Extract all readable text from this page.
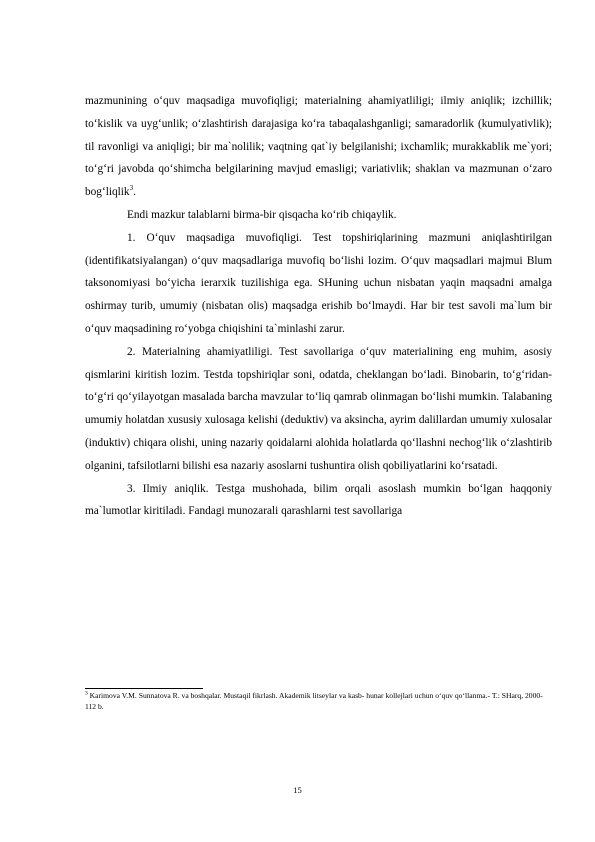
mazmunining o‘quv maqsadiga muvofiqligi; materialning ahamiyatliligi; ilmiy aniqlik; izchillik; to‘kislik va uyg‘unlik; o‘zlashtirish darajasiga ko‘ra tabaqalashganligi; samaradorlik (kumulyativlik); til ravonligi va aniqligi; bir ma`nolilik; vaqtning qat`iy belgilanishi; ixchamlik; murakkablik me`yori; to‘g‘ri javobda qo‘shimcha belgilarining mavjud emasligi; variativlik; shaklan va mazmunan o‘zaro bog‘liqlik$^3$.

Endi mazkur talablarni birma-bir qisqacha ko‘rib chiqaylik.

1. O‘quv maqsadiga muvofiqligi. Test topshiriqlarining mazmuni aniqlashtirilgan (identifikatsiyalangan) o‘quv maqsadlariga muvofiq bo‘lishi lozim. O‘quv maqsadlari majmui Blum taksonomiyasi bo‘yicha ierarxik tuzilishiga ega. SHuning uchun nisbatan yaqin maqsadni amalga oshirmay turib, umumiy (nisbatan olis) maqsadga erishib bo‘lmaydi. Har bir test savoli ma`lum bir o‘quv maqsadining ro‘yobga chiqishini ta`minlashi zarur.

2. Materialning ahamiyatliligi. Test savollariga o‘quv materialining eng muhim, asosiy qismlarini kiritish lozim. Testda topshiriqlar soni, odatda, cheklangan bo‘ladi. Binobarin, to‘g‘ridan-to‘g‘ri qo‘yilayotgan masalada barcha mavzular to‘liq qamrab olinmagan bo‘lishi mumkin. Talabaning umumiy holatdan xususiy xulosaga kelishi (deduktiv) va aksincha, ayrim dalillardan umumiy xulosalar (induktiv) chiqara olishi, uning nazariy qoidalarni alohida holatlarda qo‘llashni nechog‘lik o‘zlashtirib olganini, tafsilotlarni bilishi esa nazariy asoslarni tushuntira olish qobiliyatlarini ko‘rsatadi.

3. Ilmiy aniqlik. Testga mushohada, bilim orqali asoslash mumkin bo‘lgan haqqoniy ma`lumotlar kiritiladi. Fandagi munozarali qarashlarni test savollariga

$^3$ Karimova V.M. Sunnatova R. va boshqalar. Mustaqil fikrlash. Akademik litseylar va kasb- hunar kollejlari uchun o‘quv qo‘llanma.- T.: SHarq, 2000- 112 b.
15
